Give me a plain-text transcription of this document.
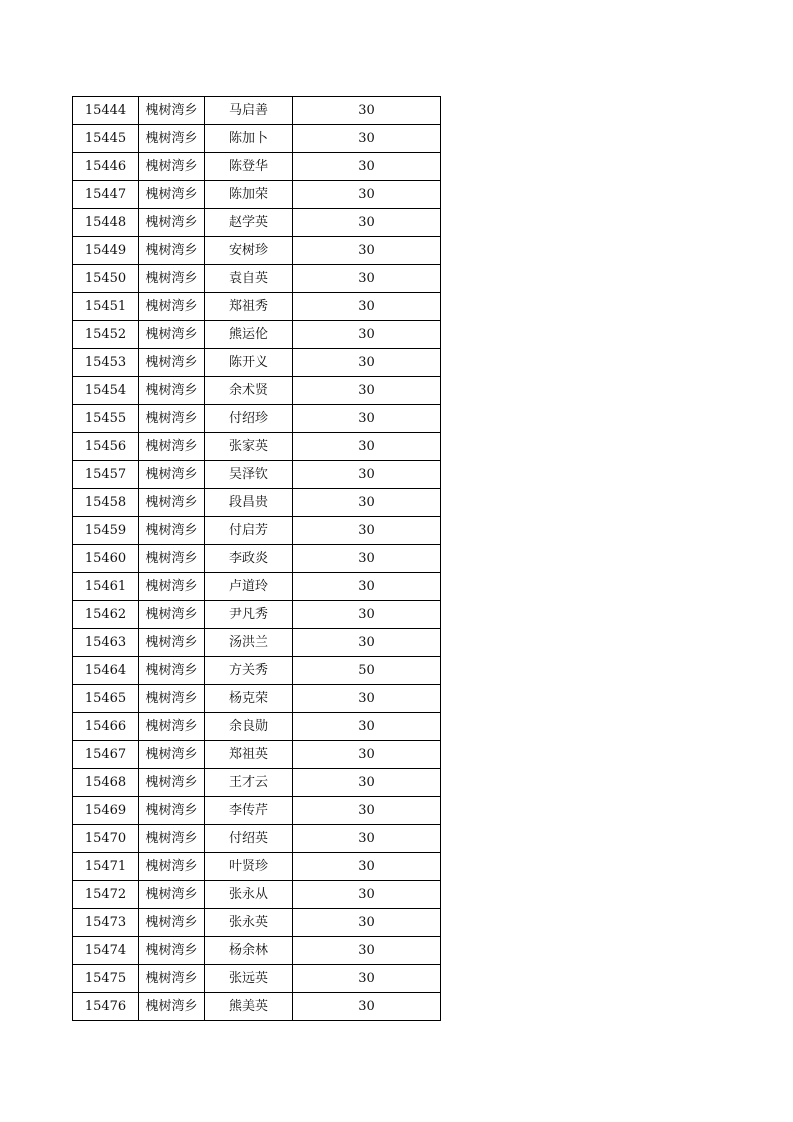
15444	槐树湾乡	马启善	30
15445	槐树湾乡	陈加卜	30
15446	槐树湾乡	陈登华	30
15447	槐树湾乡	陈加荣	30
15448	槐树湾乡	赵学英	30
15449	槐树湾乡	安树珍	30
15450	槐树湾乡	袁自英	30
15451	槐树湾乡	郑祖秀	30
15452	槐树湾乡	熊运伦	30
15453	槐树湾乡	陈开义	30
15454	槐树湾乡	余术贤	30
15455	槐树湾乡	付绍珍	30
15456	槐树湾乡	张家英	30
15457	槐树湾乡	吴泽钦	30
15458	槐树湾乡	段昌贵	30
15459	槐树湾乡	付启芳	30
15460	槐树湾乡	李政炎	30
15461	槐树湾乡	卢道玲	30
15462	槐树湾乡	尹凡秀	30
15463	槐树湾乡	汤洪兰	30
15464	槐树湾乡	方关秀	50
15465	槐树湾乡	杨克荣	30
15466	槐树湾乡	余良勋	30
15467	槐树湾乡	郑祖英	30
15468	槐树湾乡	王才云	30
15469	槐树湾乡	李传芹	30
15470	槐树湾乡	付绍英	30
15471	槐树湾乡	叶贤珍	30
15472	槐树湾乡	张永从	30
15473	槐树湾乡	张永英	30
15474	槐树湾乡	杨余林	30
15475	槐树湾乡	张远英	30
15476	槐树湾乡	熊美英	30
